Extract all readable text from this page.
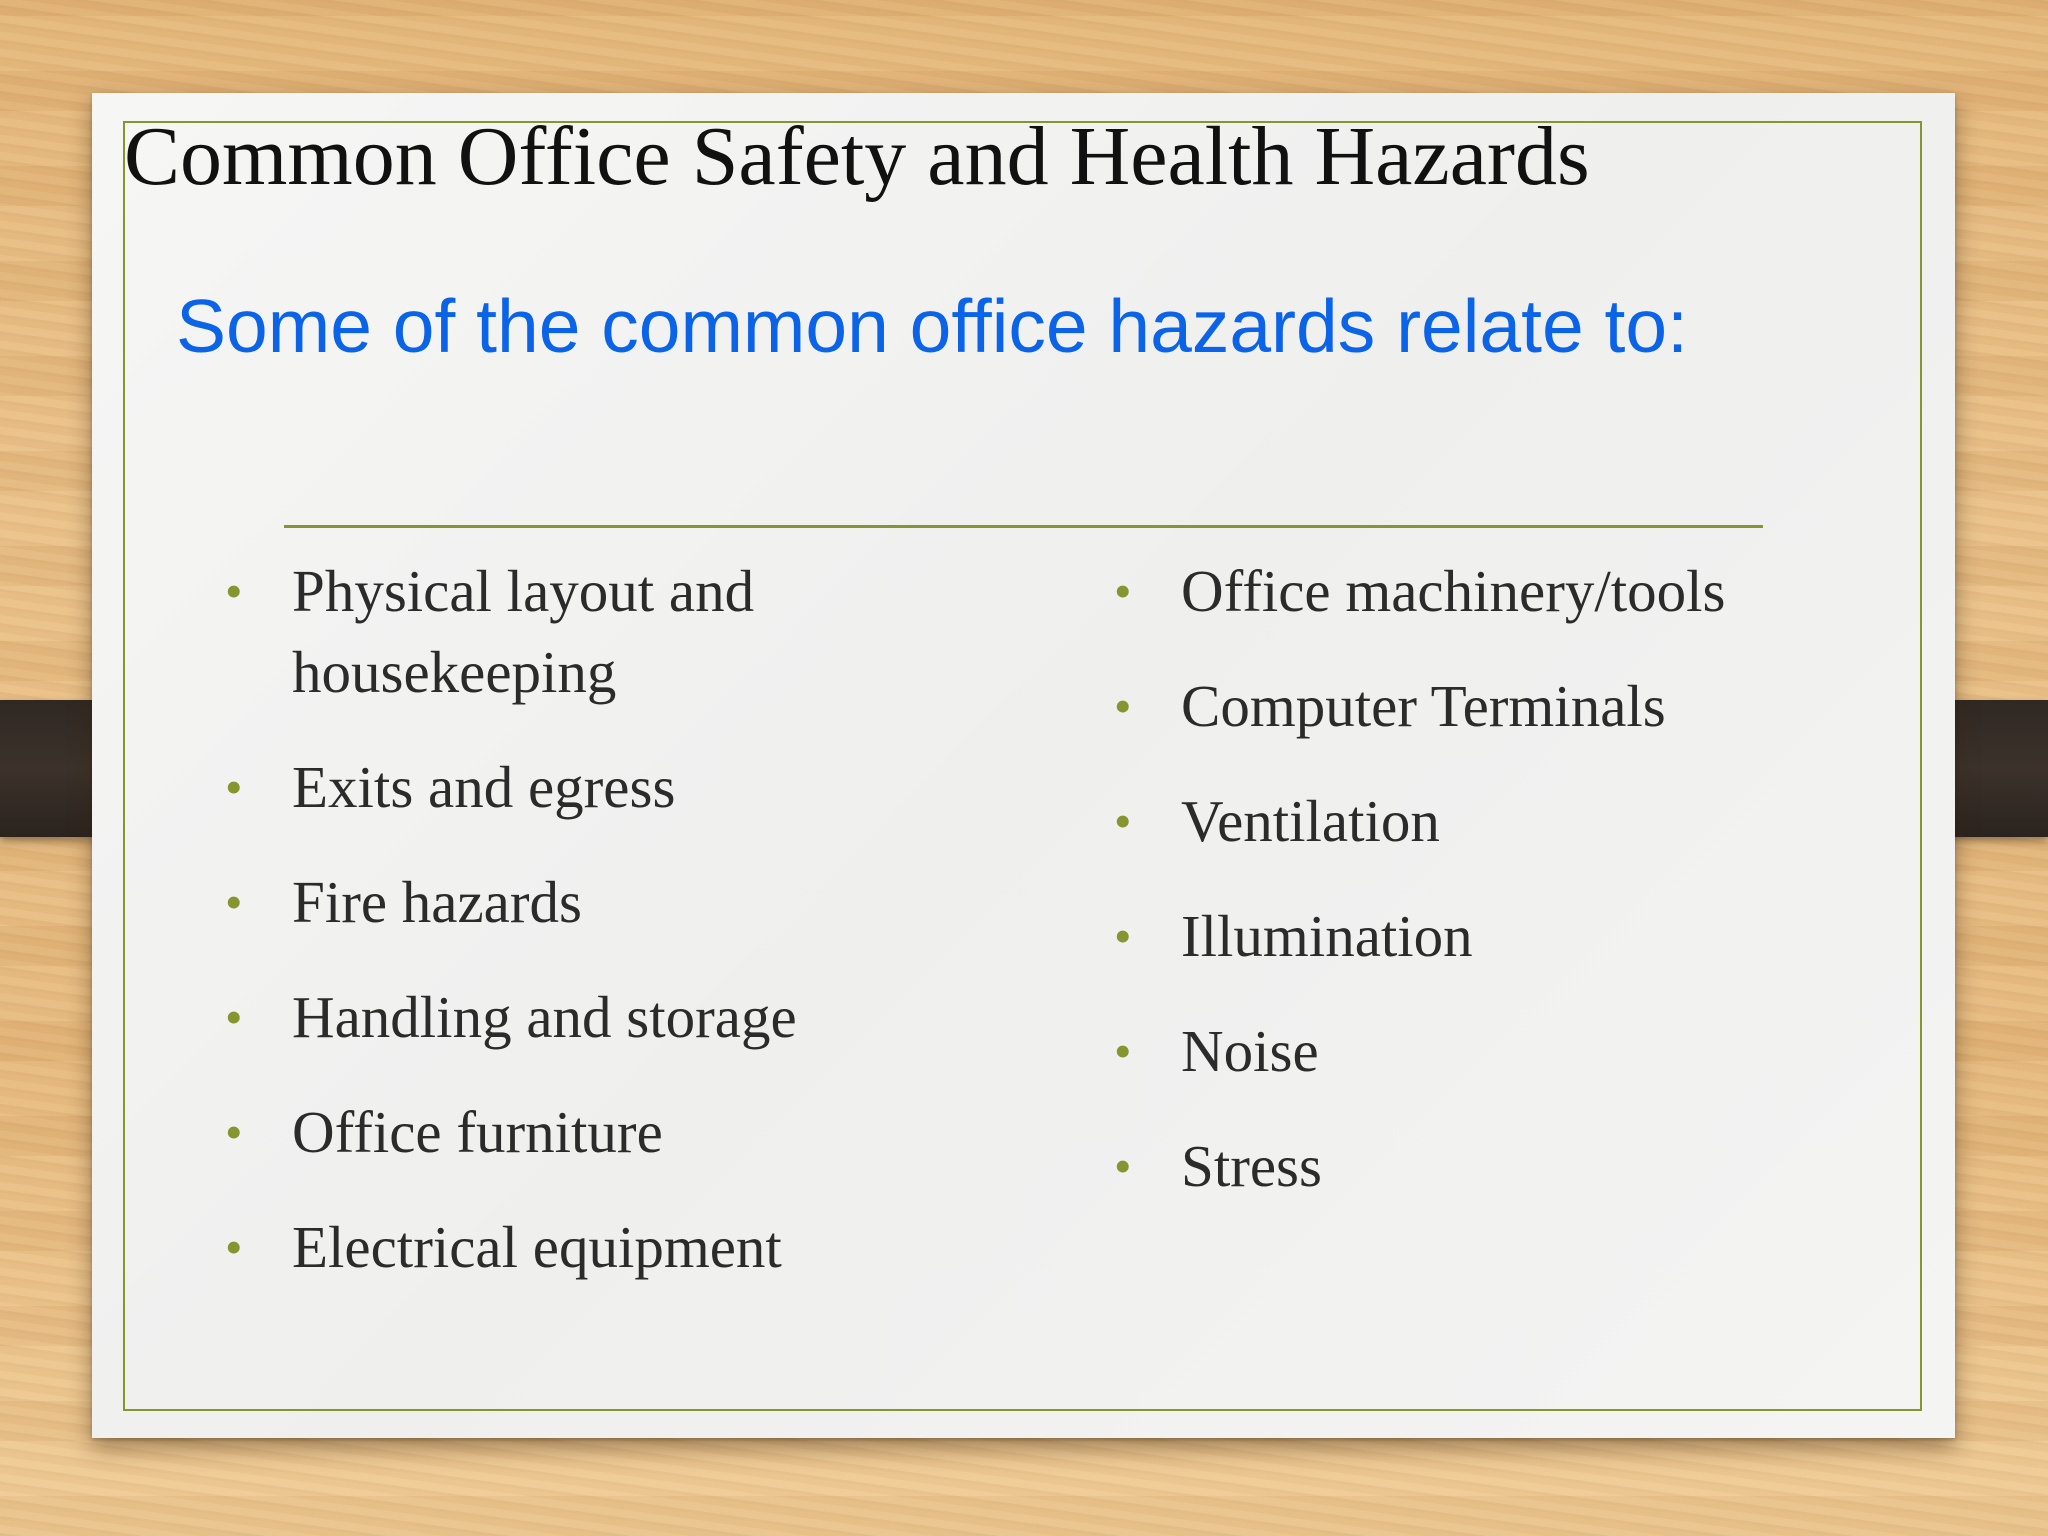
Common Office Safety and Health Hazards
Some of the common office hazards relate to:
• Physical layout and housekeeping
• Exits and egress
• Fire hazards
• Handling and storage
• Office furniture
• Electrical equipment
• Office machinery/tools
• Computer Terminals
• Ventilation
• Illumination
• Noise
• Stress
